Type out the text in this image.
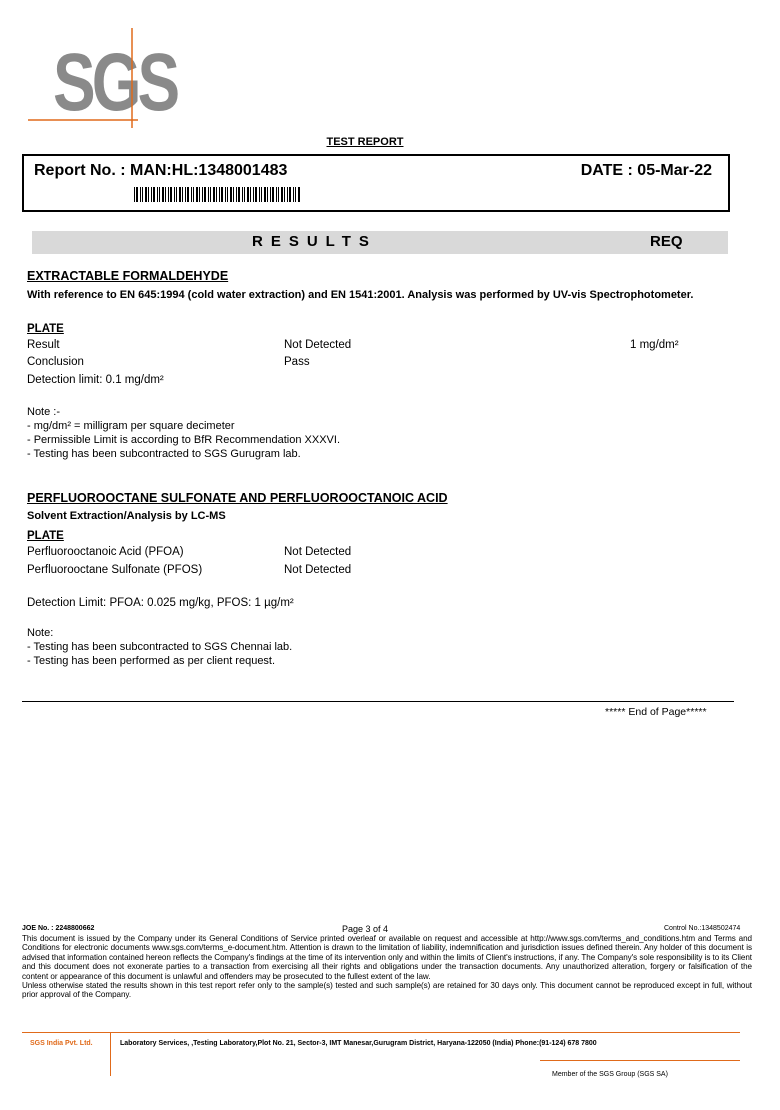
SGS
TEST REPORT
Report No. : MAN:HL:1348001483	DATE : 05-Mar-22
RESULTS	REQ
EXTRACTABLE FORMALDEHYDE
With reference to EN 645:1994 (cold water extraction) and EN 1541:2001. Analysis was performed by UV-vis Spectrophotometer.
PLATE
Result	Not Detected	1 mg/dm²
Conclusion	Pass
Detection limit: 0.1 mg/dm²
Note :-
- mg/dm² = milligram per square decimeter
- Permissible Limit is according to BfR Recommendation XXXVI.
- Testing has been subcontracted to SGS Gurugram lab.
PERFLUOROOCTANE SULFONATE AND PERFLUOROOCTANOIC ACID
Solvent Extraction/Analysis by LC-MS
PLATE
Perfluorooctanoic Acid (PFOA)	Not Detected
Perfluorooctane Sulfonate (PFOS)	Not Detected
Detection Limit: PFOA: 0.025 mg/kg, PFOS: 1 µg/m²
Note:
- Testing has been subcontracted to SGS Chennai lab.
- Testing has been performed as per client request.
***** End of Page*****
JOE No. : 2248800662	Page 3 of 4	Control No.:1348502474
This document is issued by the Company under its General Conditions of Service printed overleaf or available on request and accessible at http://www.sgs.com/terms_and_conditions.htm and Terms and Conditions for electronic documents www.sgs.com/terms_e-document.htm. Attention is drawn to the limitation of liability, indemnification and jurisdiction issues defined therein. Any holder of this document is advised that information contained hereon reflects the Company's findings at the time of its intervention only and within the limits of Client's instructions, if any. The Company's sole responsibility is to its Client and this document does not exonerate parties to a transaction from exercising all their rights and obligations under the transaction documents. Any unauthorized alteration, forgery or falsification of the content or appearance of this document is unlawful and offenders may be prosecuted to the fullest extent of the law.
Unless otherwise stated the results shown in this test report refer only to the sample(s) tested and such sample(s) are retained for 30 days only. This document cannot be reproduced except in full, without prior approval of the Company.
SGS India Pvt. Ltd.	Laboratory Services, ,Testing Laboratory,Plot No. 21, Sector-3, IMT Manesar,Gurugram District, Haryana-122050 (India) Phone:(91-124) 678 7800
Member of the SGS Group (SGS SA)
